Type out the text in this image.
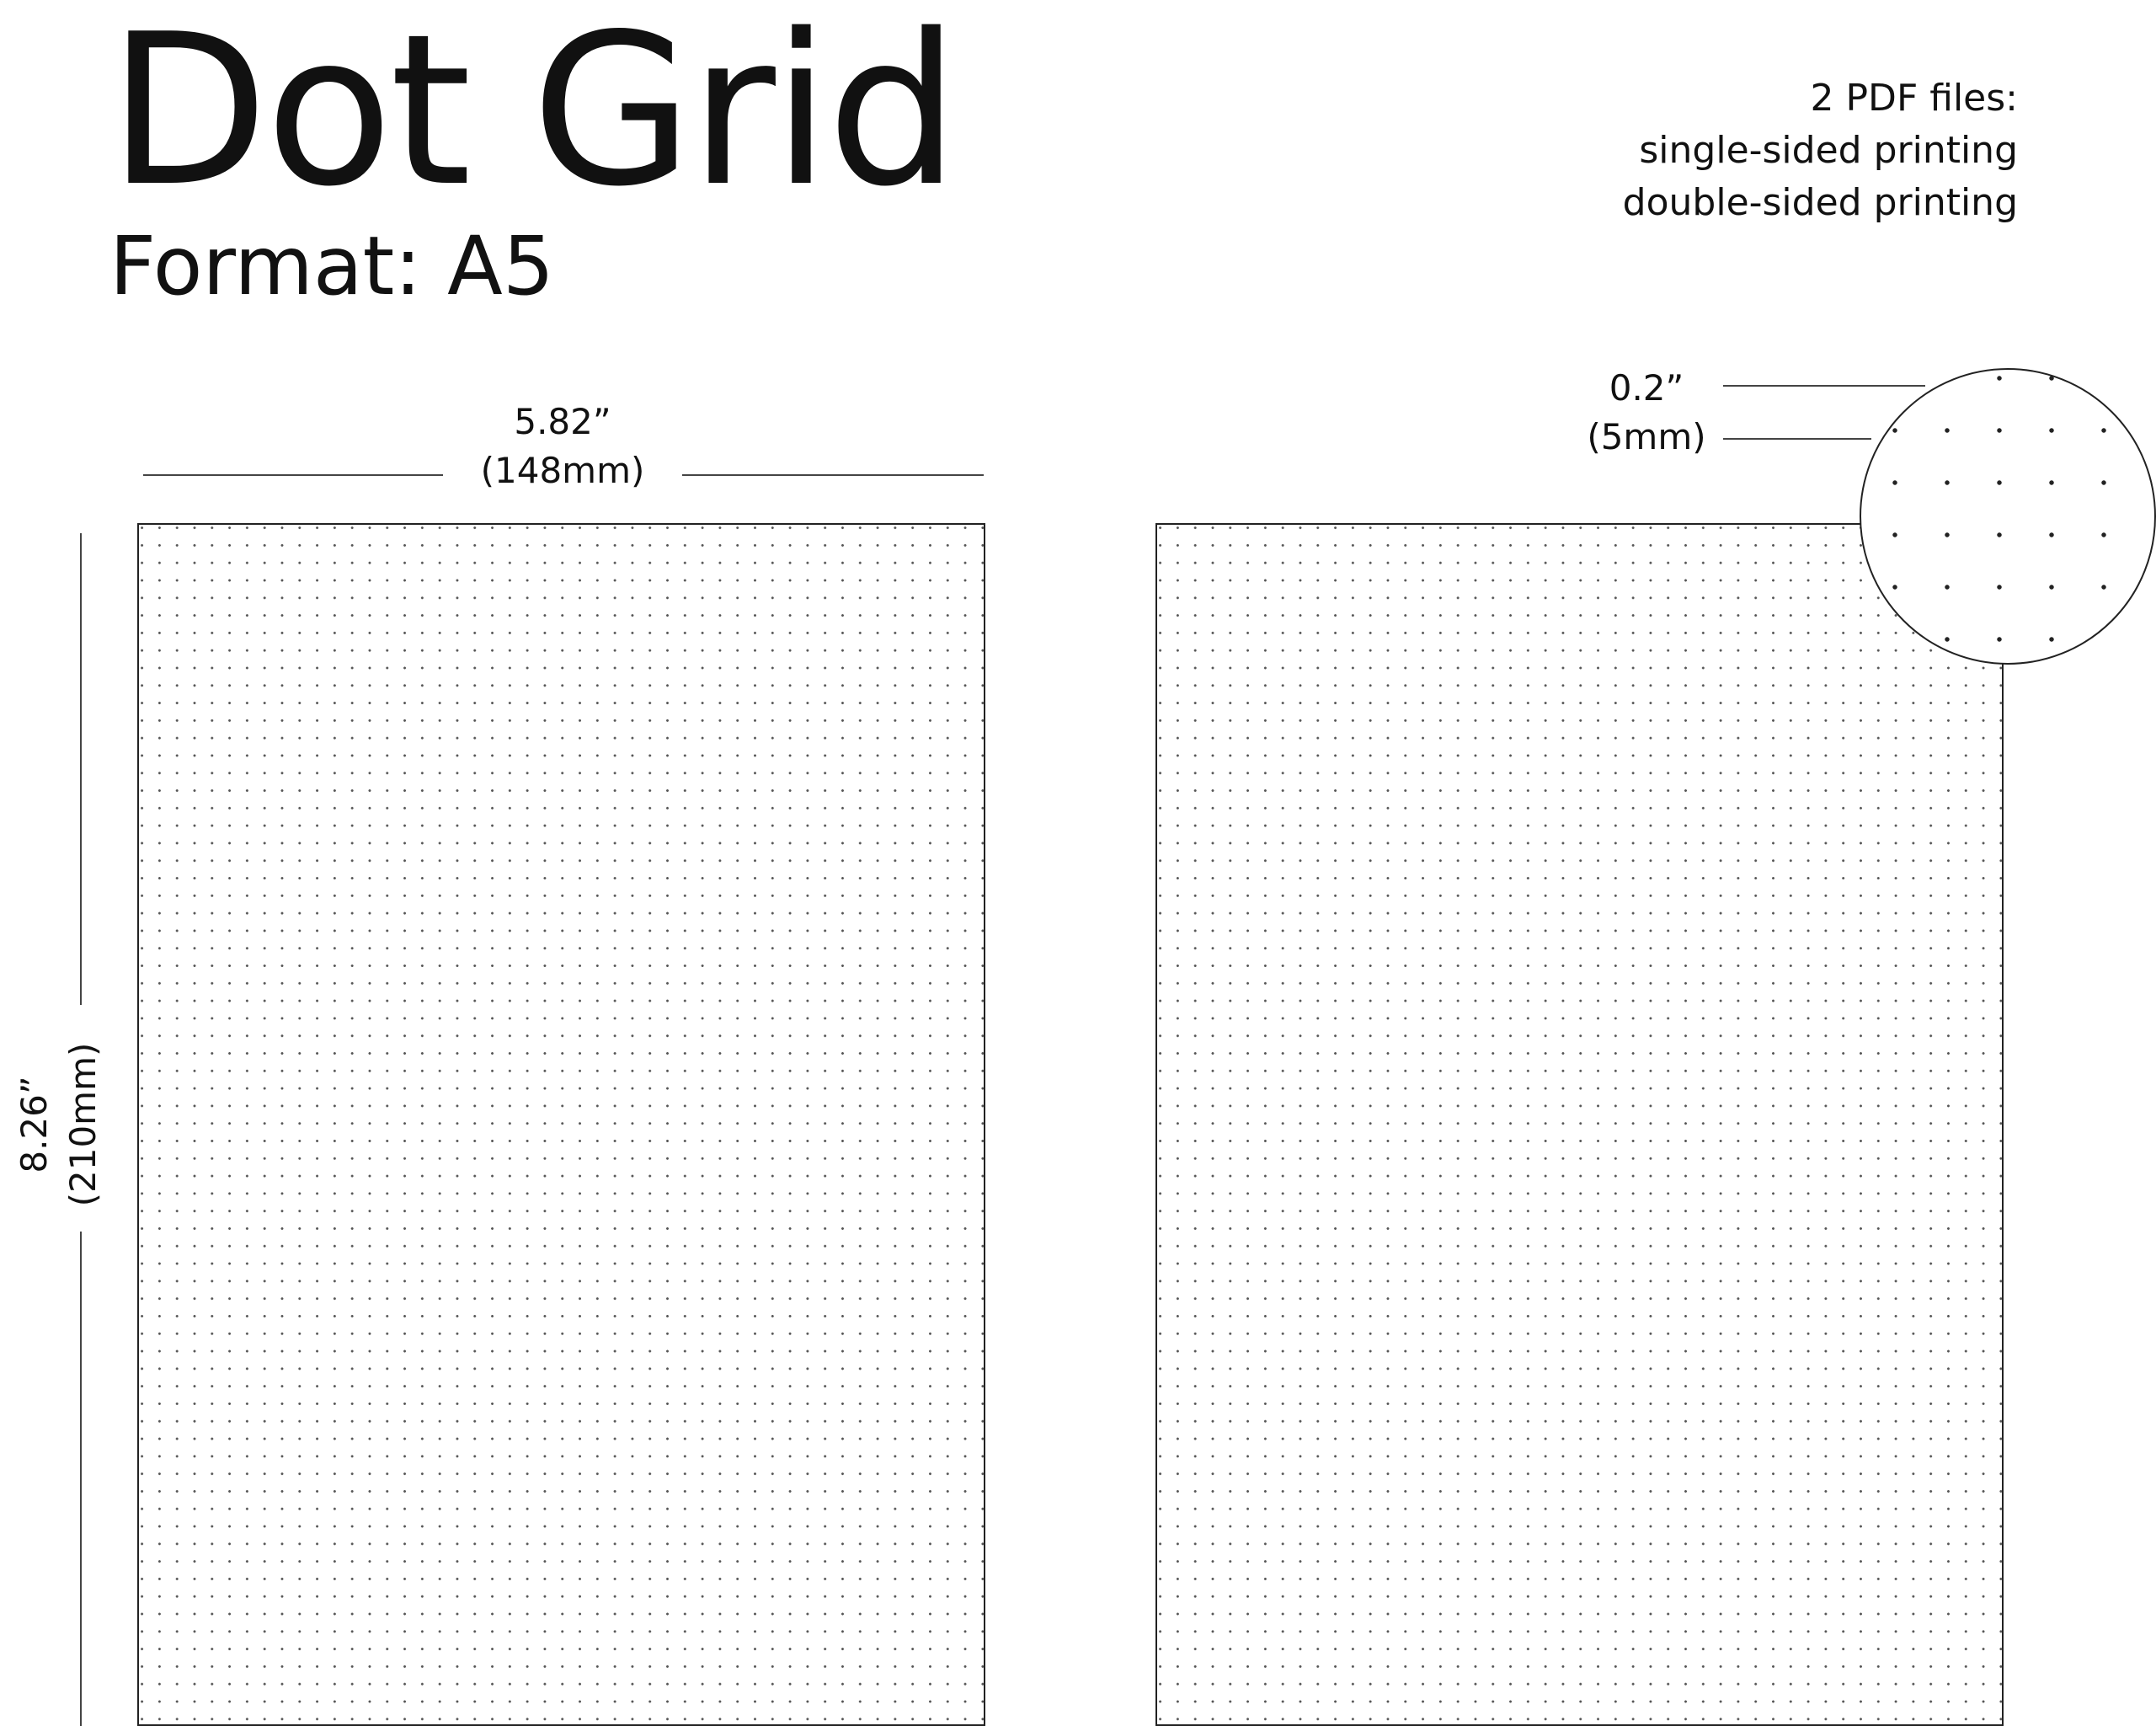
Dot Grid
Format: A5
2 PDF files:
single-sided printing
double-sided printing
5.82”
(148mm)
8.26” (210mm)
0.2”
(5mm)
